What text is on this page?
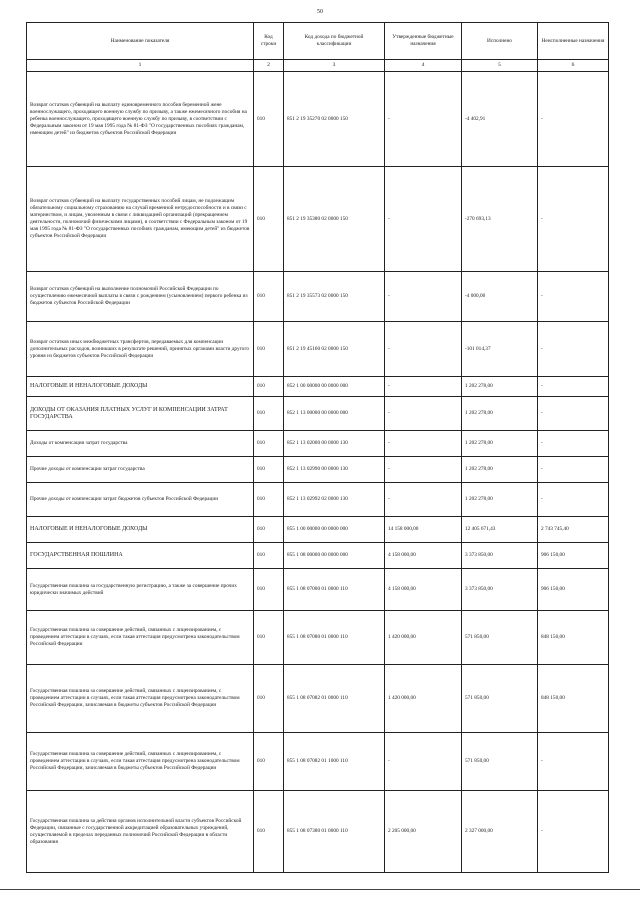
50
Наименование показателя	Код строки	Код дохода по бюджетной классификации	Утвержденные бюджетные назначения	Исполнено	Неисполненные назначения
1	2	3	4	5	6
Возврат остатков субвенций на выплату единовременного пособия беременной жене военнослужащего, проходящего военную службу по призыву, а также ежемесячного пособия на ребенка военнослужащего, проходящего военную службу по призыву, в соответствии с Федеральным законом от 19 мая 1995 года № 81-ФЗ "О государственных пособиях гражданам, имеющим детей" из бюджетов субъектов Российской Федерации	010	851 2 19 35270 02 0000 150	-	-4 402,91	-
Возврат остатков субвенций на выплату государственных пособий лицам, не подлежащим обязательному социальному страхованию на случай временной нетрудоспособности и в связи с материнством, и лицам, уволенным в связи с ликвидацией организаций (прекращением деятельности, полномочий физическими лицами), в соответствии с Федеральным законом от 19 мая 1995 года № 81-ФЗ "О государственных пособиях гражданам, имеющим детей" из бюджетов субъектов Российской Федерации	010	851 2 19 35380 02 0000 150	-	-270 693,13	-
Возврат остатков субвенций на выполнение полномочий Российской Федерации по осуществлению ежемесячной выплаты в связи с рождением (усыновлением) первого ребенка из бюджетов субъектов Российской Федерации	010	851 2 19 35573 02 0000 150	-	-4 000,00	-
Возврат остатков иных межбюджетных трансфертов, передаваемых для компенсации дополнительных расходов, возникших в результате решений, принятых органами власти другого уровня из бюджетов субъектов Российской Федерации	010	851 2 19 45160 02 0000 150	-	-101 014,37	-
НАЛОГОВЫЕ И НЕНАЛОГОВЫЕ ДОХОДЫ	010	852 1 00 00000 00 0000 000	-	1 202 278,00	-
ДОХОДЫ ОТ ОКАЗАНИЯ ПЛАТНЫХ УСЛУГ И КОМПЕНСАЦИИ ЗАТРАТ ГОСУДАРСТВА	010	852 1 13 00000 00 0000 000	-	1 202 278,00	-
Доходы от компенсации затрат государства	010	852 1 13 02000 00 0000 130	-	1 202 278,00	-
Прочие доходы от компенсации затрат государства	010	852 1 13 02990 00 0000 130	-	1 202 278,00	-
Прочие доходы от компенсации затрат бюджетов субъектов Российской Федерации	010	852 1 13 02992 02 0000 130	-	1 202 278,00	-
НАЛОГОВЫЕ И НЕНАЛОГОВЫЕ ДОХОДЫ	010	855 1 00 00000 00 0000 000	14 158 000,00	12 405 671,43	2 743 745,40
ГОСУДАРСТВЕННАЯ ПОШЛИНА	010	855 1 08 00000 00 0000 000	4 158 000,00	3 373 850,00	906 150,00
Государственная пошлина за государственную регистрацию, а также за совершение прочих юридически значимых действий	010	855 1 08 07000 01 0000 110	4 158 000,00	3 373 850,00	906 150,00
Государственная пошлина за совершение действий, связанных с лицензированием, с проведением аттестации в случаях, если такая аттестация предусмотрена законодательством Российской Федерации	010	855 1 08 07080 01 0000 110	1 420 000,00	571 850,00	848 150,00
Государственная пошлина за совершение действий, связанных с лицензированием, с проведением аттестации в случаях, если такая аттестация предусмотрена законодательством Российской Федерации, зачисляемая в бюджеты субъектов Российской Федерации	010	855 1 08 07082 01 0000 110	1 420 000,00	571 850,00	848 150,00
Государственная пошлина за совершение действий, связанных с лицензированием, с проведением аттестации в случаях, если такая аттестация предусмотрена законодательством Российской Федерации, зачисляемая в бюджеты субъектов Российской Федерации	010	855 1 08 07082 01 1000 110	-	571 850,00	-
Государственная пошлина за действия органов исполнительной власти субъектов Российской Федерации, связанные с государственной аккредитацией образовательных учреждений, осуществляемой в пределах переданных полномочий Российской Федерации в области образования	010	855 1 08 07380 01 0000 110	2 205 000,00	2 327 000,00	-
